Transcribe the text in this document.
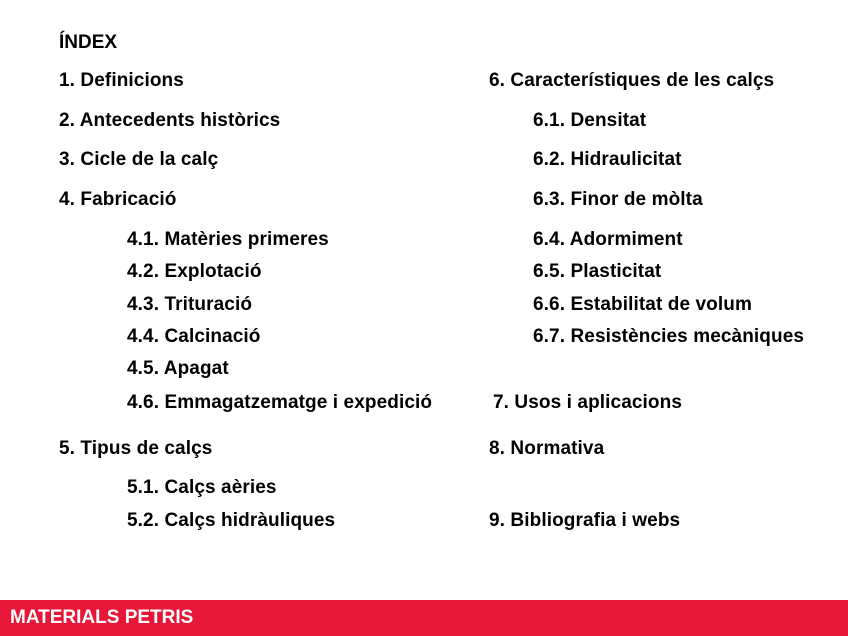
ÍNDEX
1. Definicions
2. Antecedents històrics
3. Cicle de la calç
4. Fabricació
4.1. Matèries primeres
4.2. Explotació
4.3. Trituració
4.4. Calcinació
4.5. Apagat
4.6. Emmagatzematge i expedició
5. Tipus de calçs
5.1. Calçs aèries
5.2. Calçs hidràuliques
6. Característiques de les calçs
6.1. Densitat
6.2. Hidraulicitat
6.3. Finor de mòlta
6.4. Adormiment
6.5. Plasticitat
6.6. Estabilitat de volum
6.7. Resistències mecàniques
7. Usos i aplicacions
8. Normativa
9. Bibliografia i webs
MATERIALS PETRIS
